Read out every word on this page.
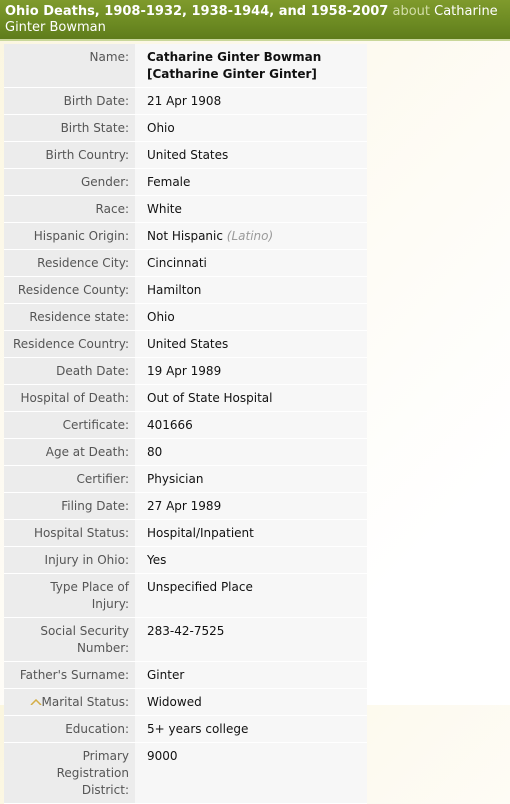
Ohio Deaths, 1908-1932, 1938-1944, and 1958-2007 about Catharine Ginter Bowman
Name:	Catharine Ginter Bowman
[Catharine Ginter Ginter]
Birth Date:	21 Apr 1908
Birth State:	Ohio
Birth Country:	United States
Gender:	Female
Race:	White
Hispanic Origin:	Not Hispanic (Latino)
Residence City:	Cincinnati
Residence County:	Hamilton
Residence state:	Ohio
Residence Country:	United States
Death Date:	19 Apr 1989
Hospital of Death:	Out of State Hospital
Certificate:	401666
Age at Death:	80
Certifier:	Physician
Filing Date:	27 Apr 1989
Hospital Status:	Hospital/Inpatient
Injury in Ohio:	Yes
Type Place of Injury:	Unspecified Place
Social Security Number:	283-42-7525
Father's Surname:	Ginter
Marital Status:	Widowed
Education:	5+ years college
Primary Registration District:	9000
